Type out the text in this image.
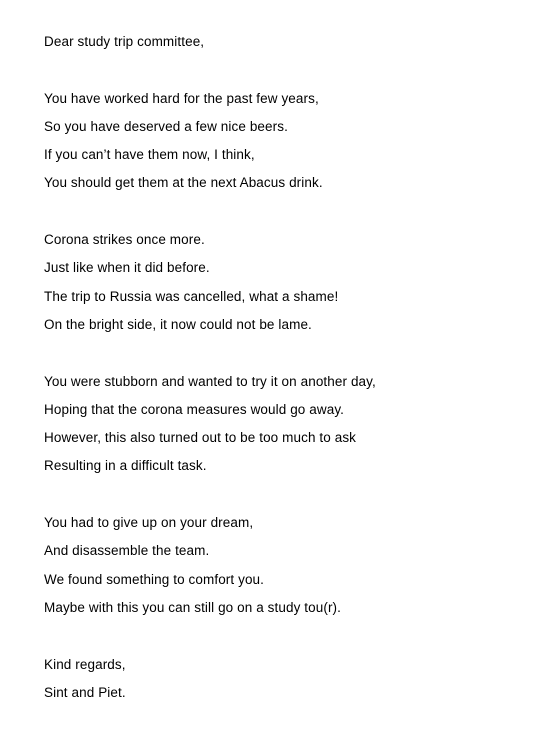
Dear study trip committee,
You have worked hard for the past few years,
So you have deserved a few nice beers.
If you can’t have them now, I think,
You should get them at the next Abacus drink.
Corona strikes once more.
Just like when it did before.
The trip to Russia was cancelled, what a shame!
On the bright side, it now could not be lame.
You were stubborn and wanted to try it on another day,
Hoping that the corona measures would go away.
However, this also turned out to be too much to ask
Resulting in a difficult task.
You had to give up on your dream,
And disassemble the team.
We found something to comfort you.
Maybe with this you can still go on a study tou(r).
Kind regards,
Sint and Piet.
